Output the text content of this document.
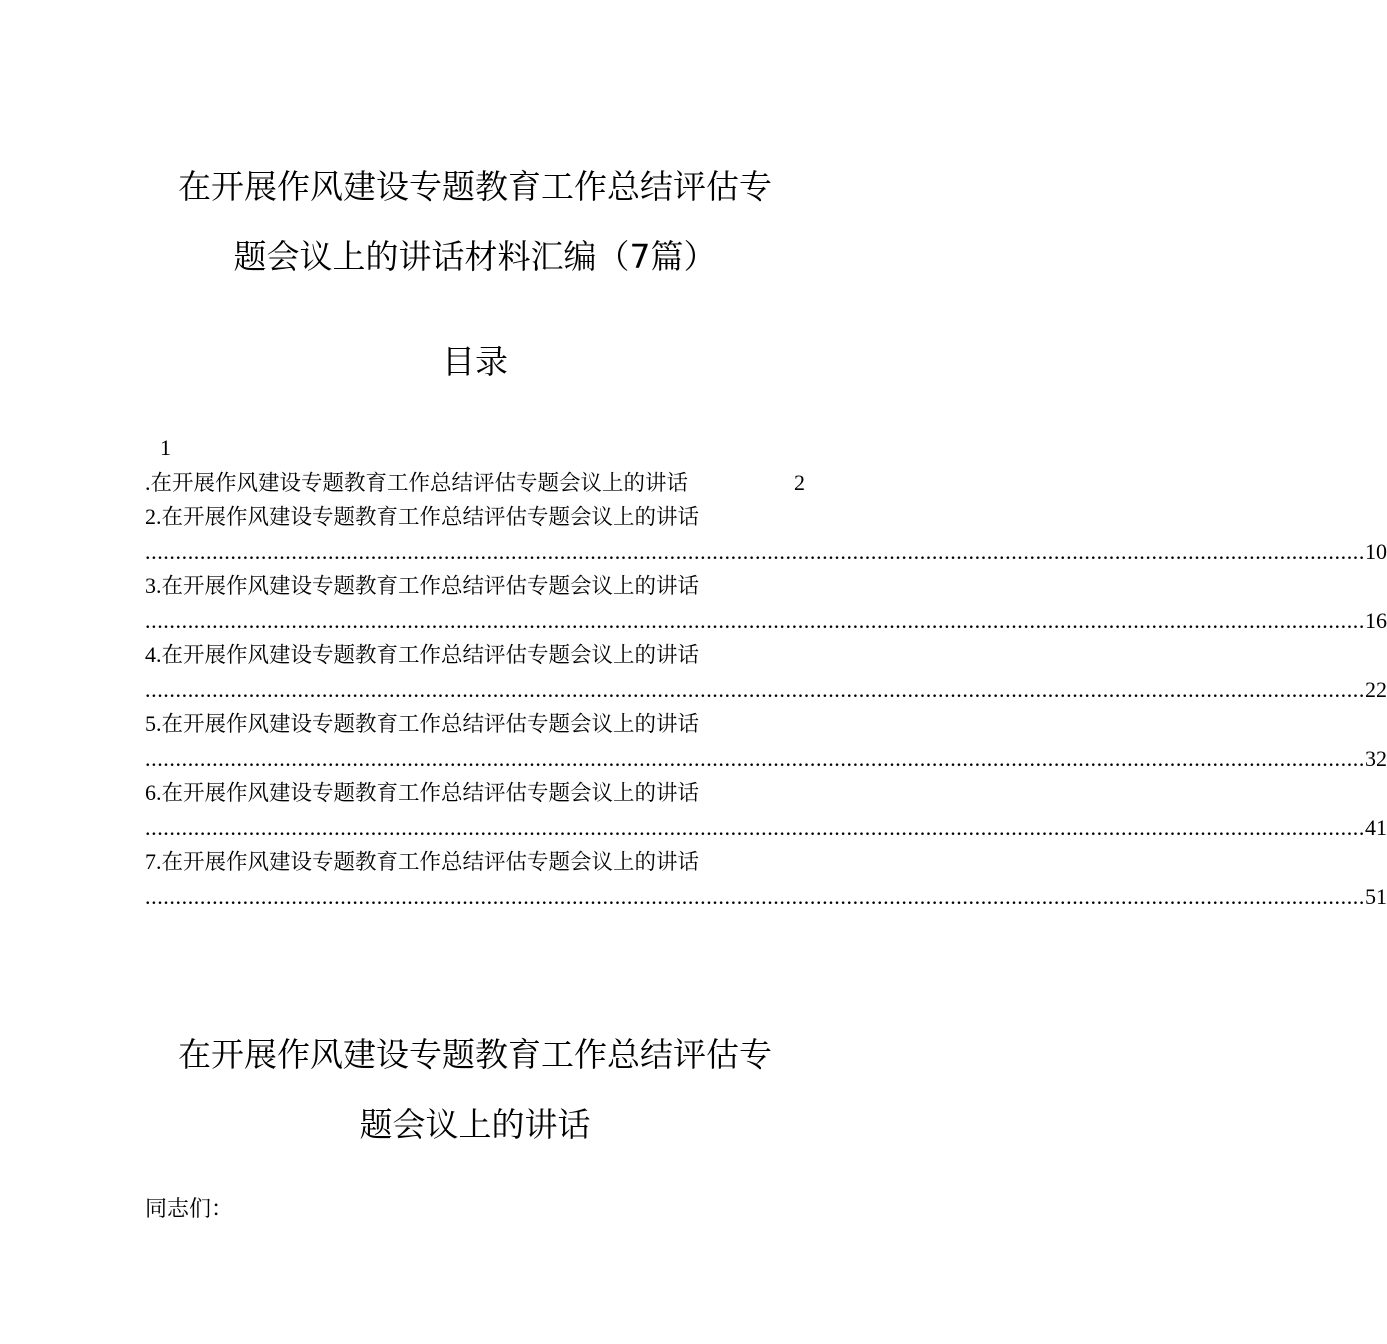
在开展作风建设专题教育工作总结评估专
题会议上的讲话材料汇编（7篇）
目录
1
.在开展作风建设专题教育工作总结评估专题会议上的讲话	2
2.在开展作风建设专题教育工作总结评估专题会议上的讲话
........................................................................................................................................................................................................ 10
3.在开展作风建设专题教育工作总结评估专题会议上的讲话
........................................................................................................................................................................................................ 16
4.在开展作风建设专题教育工作总结评估专题会议上的讲话
........................................................................................................................................................................................................ 22
5.在开展作风建设专题教育工作总结评估专题会议上的讲话
........................................................................................................................................................................................................ 32
6.在开展作风建设专题教育工作总结评估专题会议上的讲话
........................................................................................................................................................................................................ 41
7.在开展作风建设专题教育工作总结评估专题会议上的讲话
........................................................................................................................................................................................................ 51
在开展作风建设专题教育工作总结评估专
题会议上的讲话
同志们：
